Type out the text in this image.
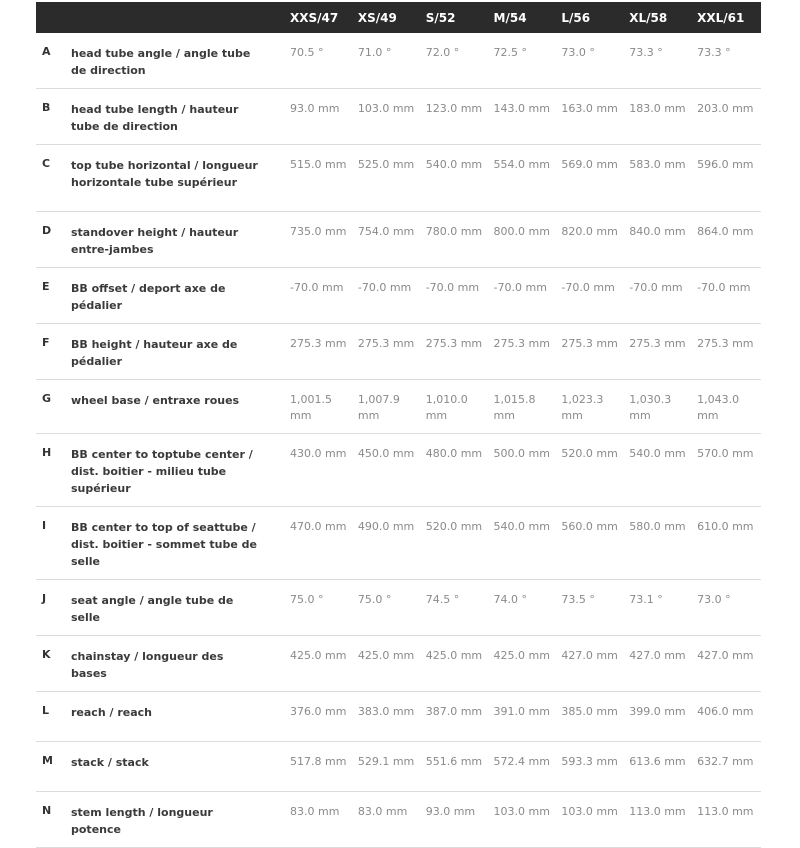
		XXS/47	XS/49	S/52	M/54	L/56	XL/58	XXL/61
A	head tube angle / angle tube de direction	70.5 °	71.0 °	72.0 °	72.5 °	73.0 °	73.3 °	73.3 °
B	head tube length / hauteur tube de direction	93.0 mm	103.0 mm	123.0 mm	143.0 mm	163.0 mm	183.0 mm	203.0 mm
C	top tube horizontal / longueur horizontale tube supérieur	515.0 mm	525.0 mm	540.0 mm	554.0 mm	569.0 mm	583.0 mm	596.0 mm
D	standover height / hauteur entre-jambes	735.0 mm	754.0 mm	780.0 mm	800.0 mm	820.0 mm	840.0 mm	864.0 mm
E	BB offset / deport axe de pédalier	-70.0 mm	-70.0 mm	-70.0 mm	-70.0 mm	-70.0 mm	-70.0 mm	-70.0 mm
F	BB height / hauteur axe de pédalier	275.3 mm	275.3 mm	275.3 mm	275.3 mm	275.3 mm	275.3 mm	275.3 mm
G	wheel base / entraxe roues	1,001.5 mm	1,007.9 mm	1,010.0 mm	1,015.8 mm	1,023.3 mm	1,030.3 mm	1,043.0 mm
H	BB center to toptube center / dist. boitier - milieu tube supérieur	430.0 mm	450.0 mm	480.0 mm	500.0 mm	520.0 mm	540.0 mm	570.0 mm
I	BB center to top of seattube / dist. boitier - sommet tube de selle	470.0 mm	490.0 mm	520.0 mm	540.0 mm	560.0 mm	580.0 mm	610.0 mm
J	seat angle / angle tube de selle	75.0 °	75.0 °	74.5 °	74.0 °	73.5 °	73.1 °	73.0 °
K	chainstay / longueur des bases	425.0 mm	425.0 mm	425.0 mm	425.0 mm	427.0 mm	427.0 mm	427.0 mm
L	reach / reach	376.0 mm	383.0 mm	387.0 mm	391.0 mm	385.0 mm	399.0 mm	406.0 mm
M	stack / stack	517.8 mm	529.1 mm	551.6 mm	572.4 mm	593.3 mm	613.6 mm	632.7 mm
N	stem length / longueur potence	83.0 mm	83.0 mm	93.0 mm	103.0 mm	103.0 mm	113.0 mm	113.0 mm
